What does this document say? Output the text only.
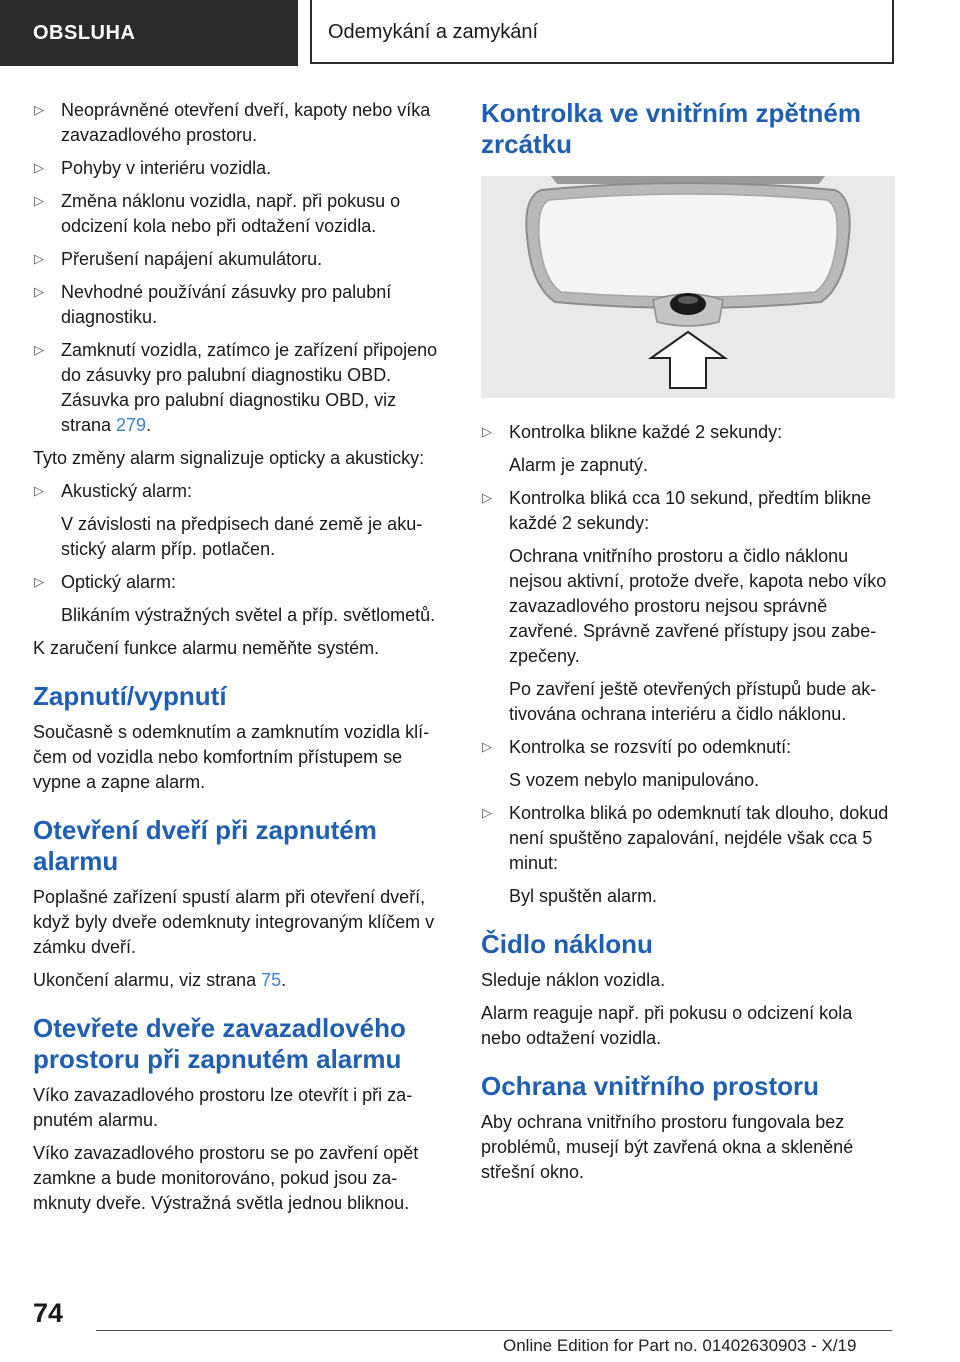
OBSLUHA	Odemykání a zamykání
▷ Neoprávněné otevření dveří, kapoty nebo víka zavazadlového prostoru.
▷ Pohyby v interiéru vozidla.
▷ Změna náklonu vozidla, např. při pokusu o odcizení kola nebo při odtažení vozidla.
▷ Přerušení napájení akumulátoru.
▷ Nevhodné používání zásuvky pro palubní diagnostiku.
▷ Zamknutí vozidla, zatímco je zařízení připojeno do zásuvky pro palubní diagnostiku OBD. Zásuvka pro palubní diagnostiku OBD, viz strana 279.

Tyto změny alarm signalizuje opticky a akusticky:

▷ Akustický alarm:
V závislosti na předpisech dané země je akustický alarm příp. potlačen.
▷ Optický alarm:
Blikáním výstražných světel a příp. světlometů.

K zaručení funkce alarmu neměňte systém.

Zapnutí/vypnutí

Současně s odemknutím a zamknutím vozidla klíčem od vozidla nebo komfortním přístupem se vypne a zapne alarm.

Otevření dveří při zapnutém alarmu

Poplašné zařízení spustí alarm při otevření dveří, když byly dveře odemknuty integrovaným klíčem v zámku dveří.

Ukončení alarmu, viz strana 75.

Otevřete dveře zavazadlového prostoru při zapnutém alarmu

Víko zavazadlového prostoru lze otevřít i při zapnutém alarmu.

Víko zavazadlového prostoru se po zavření opět zamkne a bude monitorováno, pokud jsou zamknuty dveře. Výstražná světla jednou bliknou.

Kontrolka ve vnitřním zpětném zrcátku
▷ Kontrolka blikne každé 2 sekundy:
Alarm je zapnutý.
▷ Kontrolka bliká cca 10 sekund, předtím blikne každé 2 sekundy:
Ochrana vnitřního prostoru a čidlo náklonu nejsou aktivní, protože dveře, kapota nebo víko zavazadlového prostoru nejsou správně zavřené. Správně zavřené přístupy jsou zabezpečeny.
Po zavření ještě otevřených přístupů bude aktivována ochrana interiéru a čidlo náklonu.
▷ Kontrolka se rozsvítí po odemknutí:
S vozem nebylo manipulováno.
▷ Kontrolka bliká po odemknutí tak dlouho, dokud není spuštěno zapalování, nejdéle však cca 5 minut:
Byl spuštěn alarm.
Čidlo náklonu

Sleduje náklon vozidla.

Alarm reaguje např. při pokusu o odcizení kola nebo odtažení vozidla.

Ochrana vnitřního prostoru

Aby ochrana vnitřního prostoru fungovala bez problémů, musejí být zavřená okna a skleněné střešní okno.

74
Online Edition for Part no. 01402630903 - X/19
